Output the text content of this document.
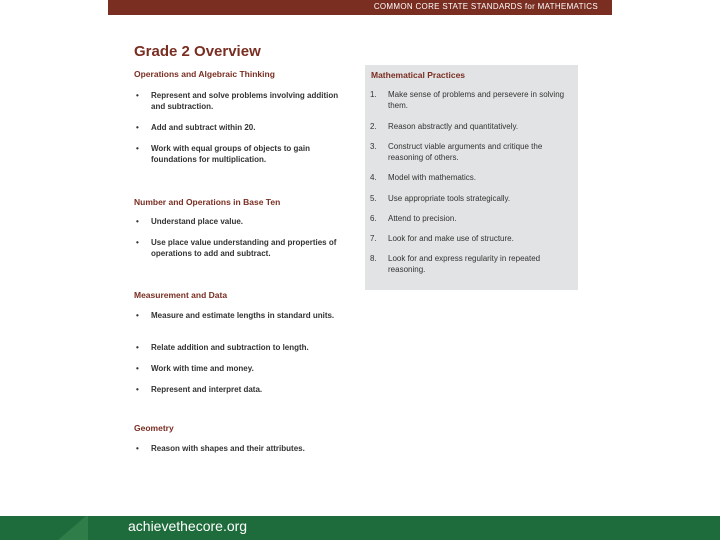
COMMON CORE STATE STANDARDS for MATHEMATICS
Grade 2 Overview
Operations and Algebraic Thinking
• Represent and solve problems involving addition and subtraction.
• Add and subtract within 20.
• Work with equal groups of objects to gain foundations for multiplication.
Number and Operations in Base Ten
• Understand place value.
• Use place value understanding and properties of operations to add and subtract.
Measurement and Data
• Measure and estimate lengths in standard units.
• Relate addition and subtraction to length.
• Work with time and money.
• Represent and interpret data.
Geometry
• Reason with shapes and their attributes.
Mathematical Practices
1. Make sense of problems and persevere in solving them.
2. Reason abstractly and quantitatively.
3. Construct viable arguments and critique the reasoning of others.
4. Model with mathematics.
5. Use appropriate tools strategically.
6. Attend to precision.
7. Look for and make use of structure.
8. Look for and express regularity in repeated reasoning.
achievethecore.org
